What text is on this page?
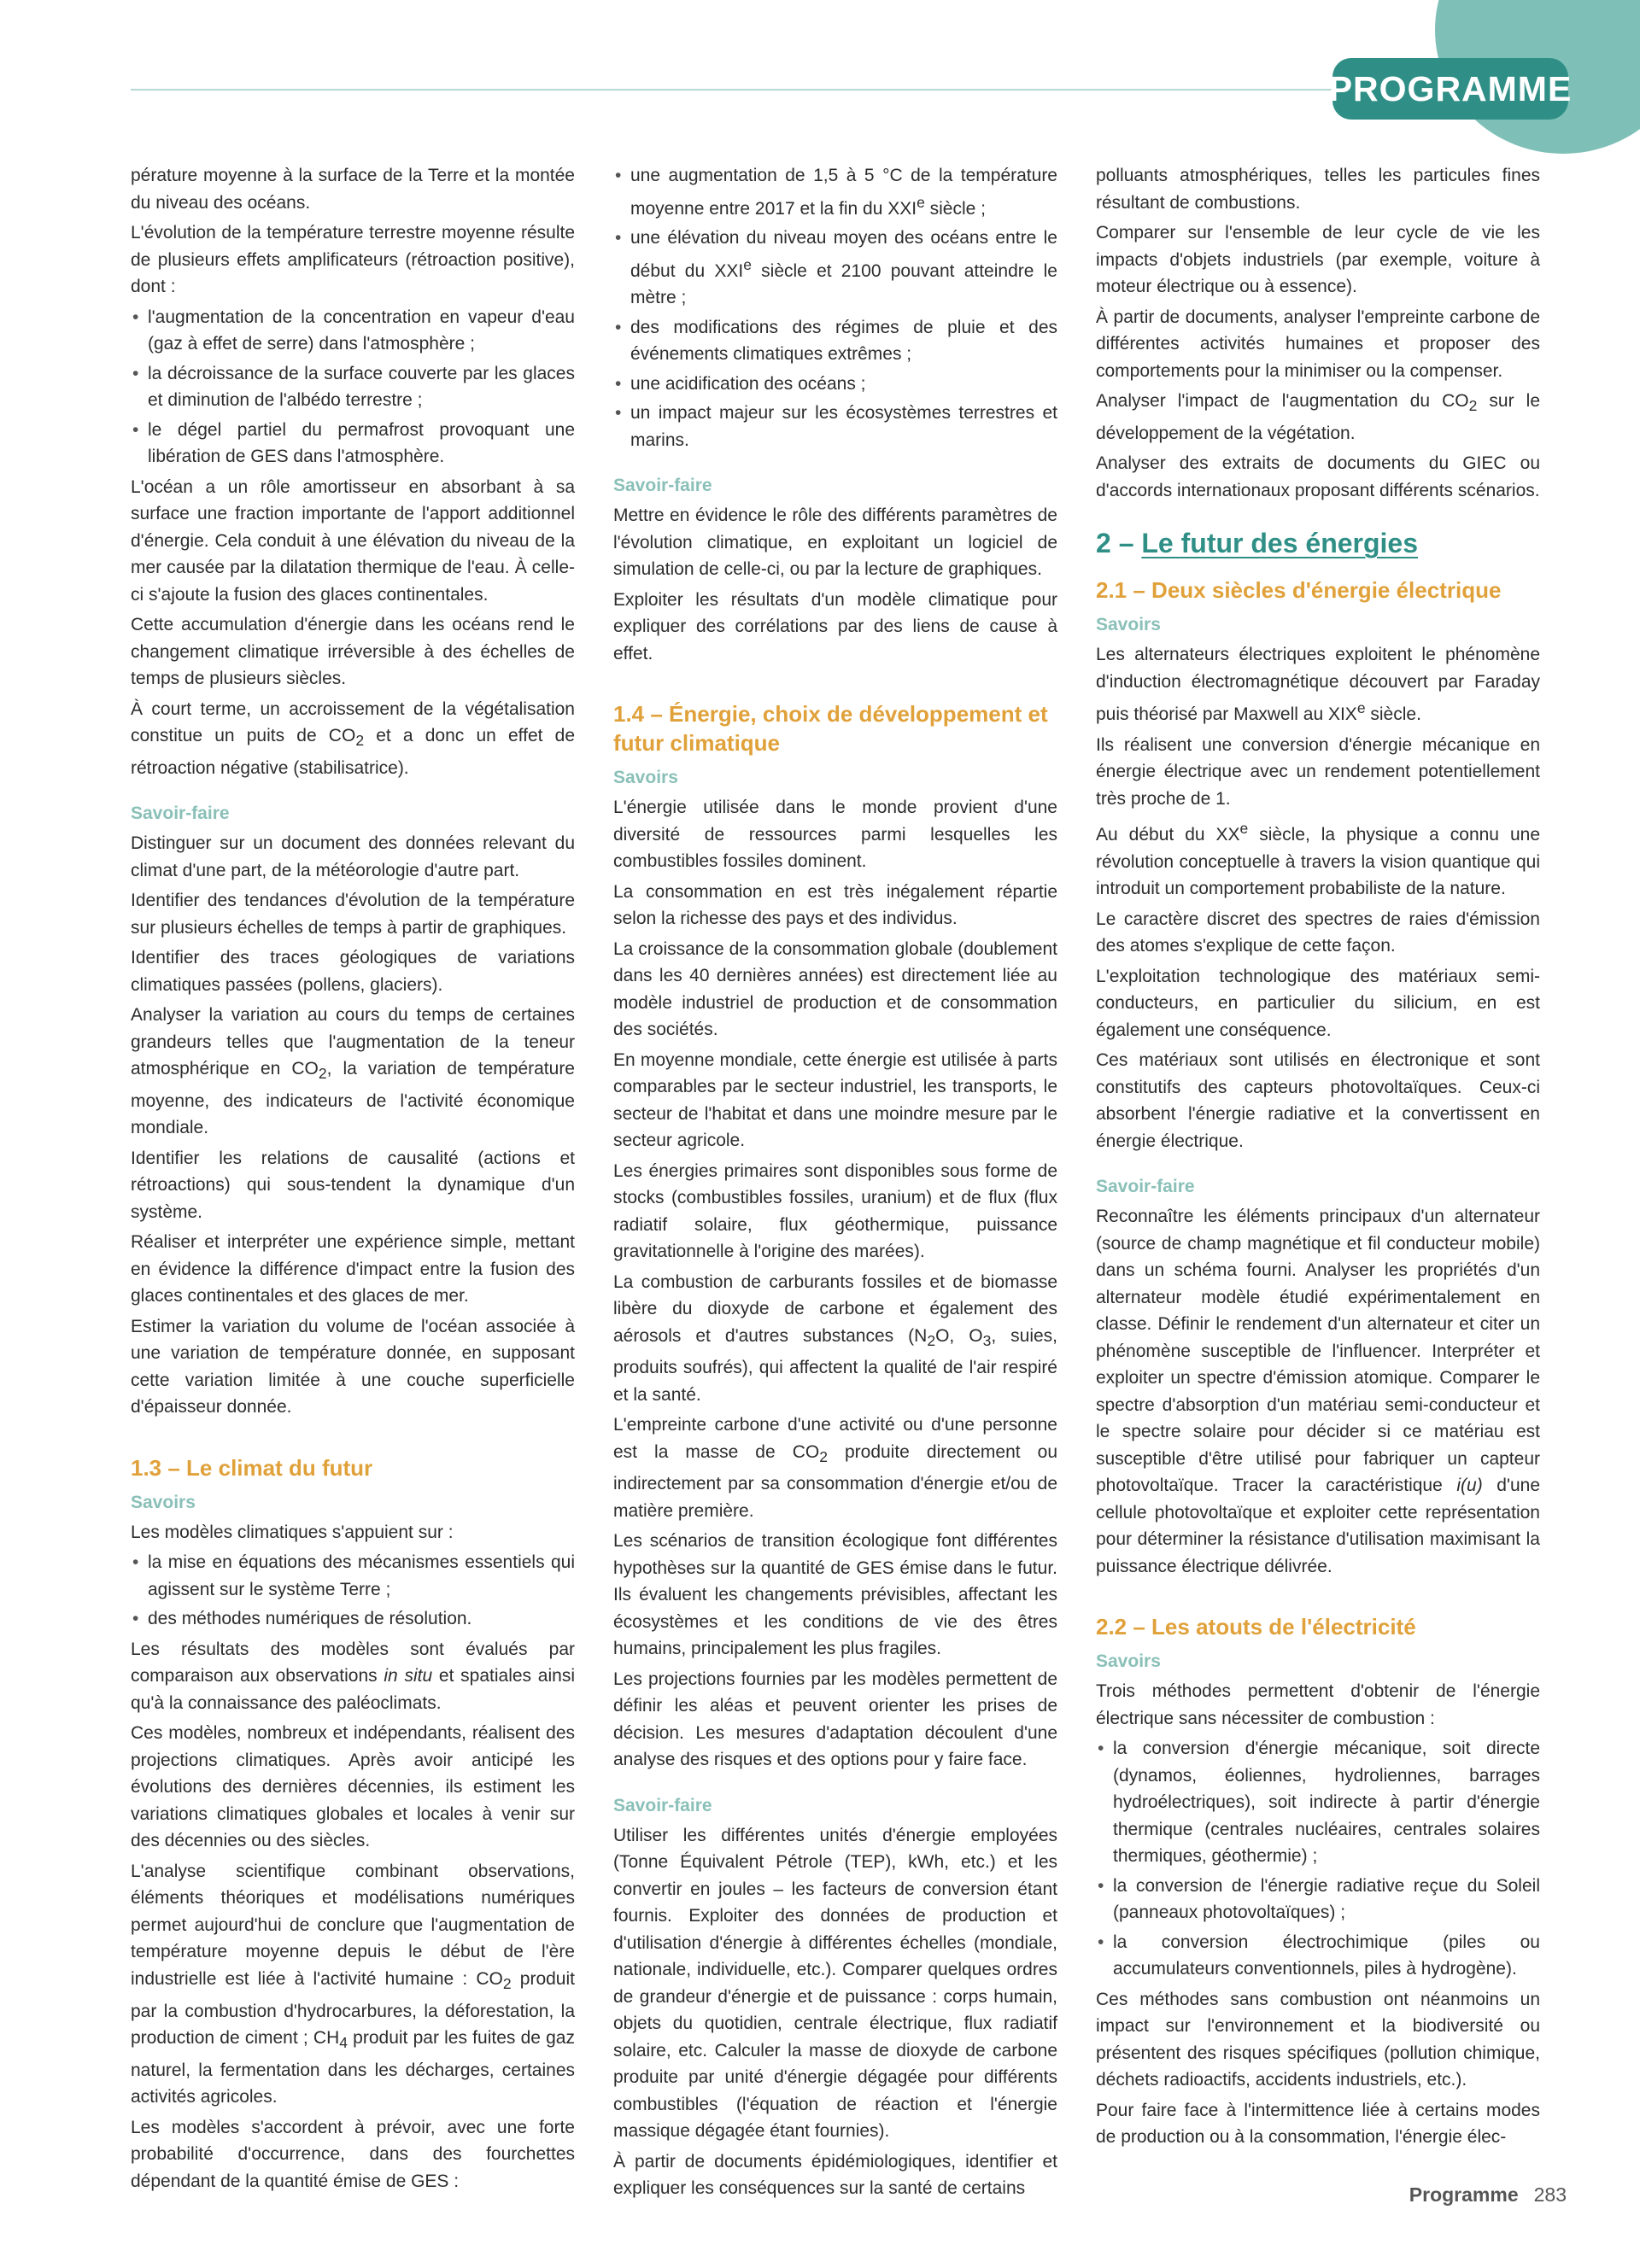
PROGRAMME

pérature moyenne à la surface de la Terre et la montée du niveau des océans.

L'évolution de la température terrestre moyenne résulte de plusieurs effets amplificateurs (rétroaction positive), dont :

• l'augmentation de la concentration en vapeur d'eau (gaz à effet de serre) dans l'atmosphère ;
• la décroissance de la surface couverte par les glaces et diminution de l'albédo terrestre ;
• le dégel partiel du permafrost provoquant une libération de GES dans l'atmosphère.

L'océan a un rôle amortisseur en absorbant à sa surface une fraction importante de l'apport additionnel d'énergie. Cela conduit à une élévation du niveau de la mer causée par la dilatation thermique de l'eau. À celle-ci s'ajoute la fusion des glaces continentales.

Cette accumulation d'énergie dans les océans rend le changement climatique irréversible à des échelles de temps de plusieurs siècles.

À court terme, un accroissement de la végétalisation constitue un puits de $CO_2$ et a donc un effet de rétroaction négative (stabilisatrice).

Savoir-faire

Distinguer sur un document des données relevant du climat d'une part, de la météorologie d'autre part.

Identifier des tendances d'évolution de la température sur plusieurs échelles de temps à partir de graphiques.

Identifier des traces géologiques de variations climatiques passées (pollens, glaciers).

Analyser la variation au cours du temps de certaines grandeurs telles que l'augmentation de la teneur atmosphérique en $CO_2$, la variation de température moyenne, des indicateurs de l'activité économique mondiale.

Identifier les relations de causalité (actions et rétroactions) qui sous-tendent la dynamique d'un système.

Réaliser et interpréter une expérience simple, mettant en évidence la différence d'impact entre la fusion des glaces continentales et des glaces de mer.

Estimer la variation du volume de l'océan associée à une variation de température donnée, en supposant cette variation limitée à une couche superficielle d'épaisseur donnée.

1.3 – Le climat du futur
Savoirs

Les modèles climatiques s'appuient sur :

• la mise en équations des mécanismes essentiels qui agissent sur le système Terre ;
• des méthodes numériques de résolution.

Les résultats des modèles sont évalués par comparaison aux observations in situ et spatiales ainsi qu'à la connaissance des paléoclimats.

Ces modèles, nombreux et indépendants, réalisent des projections climatiques. Après avoir anticipé les évolutions des dernières décennies, ils estiment les variations climatiques globales et locales à venir sur des décennies ou des siècles.

L'analyse scientifique combinant observations, éléments théoriques et modélisations numériques permet aujourd'hui de conclure que l'augmentation de température moyenne depuis le début de l'ère industrielle est liée à l'activité humaine : $CO_2$ produit par la combustion d'hydrocarbures, la déforestation, la production de ciment ; $CH_4$ produit par les fuites de gaz naturel, la fermentation dans les décharges, certaines activités agricoles.

Les modèles s'accordent à prévoir, avec une forte probabilité d'occurrence, dans des fourchettes dépendant de la quantité émise de GES :

• une augmentation de 1,5 à 5 °C de la température moyenne entre 2017 et la fin du XXIe siècle ;
• une élévation du niveau moyen des océans entre le début du XXIe siècle et 2100 pouvant atteindre le mètre ;
• des modifications des régimes de pluie et des événements climatiques extrêmes ;
• une acidification des océans ;
• un impact majeur sur les écosystèmes terrestres et marins.
Savoir-faire

Mettre en évidence le rôle des différents paramètres de l'évolution climatique, en exploitant un logiciel de simulation de celle-ci, ou par la lecture de graphiques.

Exploiter les résultats d'un modèle climatique pour expliquer des corrélations par des liens de cause à effet.

1.4 – Énergie, choix de développement et futur climatique
Savoirs

L'énergie utilisée dans le monde provient d'une diversité de ressources parmi lesquelles les combustibles fossiles dominent.

La consommation en est très inégalement répartie selon la richesse des pays et des individus.

La croissance de la consommation globale (doublement dans les 40 dernières années) est directement liée au modèle industriel de production et de consommation des sociétés.

En moyenne mondiale, cette énergie est utilisée à parts comparables par le secteur industriel, les transports, le secteur de l'habitat et dans une moindre mesure par le secteur agricole.

Les énergies primaires sont disponibles sous forme de stocks (combustibles fossiles, uranium) et de flux (flux radiatif solaire, flux géothermique, puissance gravitationnelle à l'origine des marées).

La combustion de carburants fossiles et de biomasse libère du dioxyde de carbone et également des aérosols et d'autres substances ($N_2O$, $O_3$, suies, produits soufrés), qui affectent la qualité de l'air respiré et la santé.

L'empreinte carbone d'une activité ou d'une personne est la masse de $CO_2$ produite directement ou indirectement par sa consommation d'énergie et/ou de matière première.

Les scénarios de transition écologique font différentes hypothèses sur la quantité de GES émise dans le futur. Ils évaluent les changements prévisibles, affectant les écosystèmes et les conditions de vie des êtres humains, principalement les plus fragiles.

Les projections fournies par les modèles permettent de définir les aléas et peuvent orienter les prises de décision. Les mesures d'adaptation découlent d'une analyse des risques et des options pour y faire face.

Savoir-faire

Utiliser les différentes unités d'énergie employées (Tonne Équivalent Pétrole (TEP), kWh, etc.) et les convertir en joules – les facteurs de conversion étant fournis. Exploiter des données de production et d'utilisation d'énergie à différentes échelles (mondiale, nationale, individuelle, etc.). Comparer quelques ordres de grandeur d'énergie et de puissance : corps humain, objets du quotidien, centrale électrique, flux radiatif solaire, etc. Calculer la masse de dioxyde de carbone produite par unité d'énergie dégagée pour différents combustibles (l'équation de réaction et l'énergie massique dégagée étant fournies).

À partir de documents épidémiologiques, identifier et expliquer les conséquences sur la santé de certains

polluants atmosphériques, telles les particules fines résultant de combustions.

Comparer sur l'ensemble de leur cycle de vie les impacts d'objets industriels (par exemple, voiture à moteur électrique ou à essence).

À partir de documents, analyser l'empreinte carbone de différentes activités humaines et proposer des comportements pour la minimiser ou la compenser.

Analyser l'impact de l'augmentation du $CO_2$ sur le développement de la végétation.

Analyser des extraits de documents du GIEC ou d'accords internationaux proposant différents scénarios.

2 – Le futur des énergies
2.1 – Deux siècles d'énergie électrique
Savoirs

Les alternateurs électriques exploitent le phénomène d'induction électromagnétique découvert par Faraday puis théorisé par Maxwell au XIXe siècle.

Ils réalisent une conversion d'énergie mécanique en énergie électrique avec un rendement potentiellement très proche de 1.

Au début du XXe siècle, la physique a connu une révolution conceptuelle à travers la vision quantique qui introduit un comportement probabiliste de la nature.

Le caractère discret des spectres de raies d'émission des atomes s'explique de cette façon.

L'exploitation technologique des matériaux semi-conducteurs, en particulier du silicium, en est également une conséquence.

Ces matériaux sont utilisés en électronique et sont constitutifs des capteurs photovoltaïques. Ceux-ci absorbent l'énergie radiative et la convertissent en énergie électrique.

Savoir-faire

Reconnaître les éléments principaux d'un alternateur (source de champ magnétique et fil conducteur mobile) dans un schéma fourni. Analyser les propriétés d'un alternateur modèle étudié expérimentalement en classe. Définir le rendement d'un alternateur et citer un phénomène susceptible de l'influencer. Interpréter et exploiter un spectre d'émission atomique. Comparer le spectre d'absorption d'un matériau semi-conducteur et le spectre solaire pour décider si ce matériau est susceptible d'être utilisé pour fabriquer un capteur photovoltaïque. Tracer la caractéristique i(u) d'une cellule photovoltaïque et exploiter cette représentation pour déterminer la résistance d'utilisation maximisant la puissance électrique délivrée.

2.2 – Les atouts de l'électricité
Savoirs

Trois méthodes permettent d'obtenir de l'énergie électrique sans nécessiter de combustion :

• la conversion d'énergie mécanique, soit directe (dynamos, éoliennes, hydroliennes, barrages hydroélectriques), soit indirecte à partir d'énergie thermique (centrales nucléaires, centrales solaires thermiques, géothermie) ;
• la conversion de l'énergie radiative reçue du Soleil (panneaux photovoltaïques) ;
• la conversion électrochimique (piles ou accumulateurs conventionnels, piles à hydrogène).

Ces méthodes sans combustion ont néanmoins un impact sur l'environnement et la biodiversité ou présentent des risques spécifiques (pollution chimique, déchets radioactifs, accidents industriels, etc.).

Pour faire face à l'intermittence liée à certains modes de production ou à la consommation, l'énergie élec-

Programme 283
